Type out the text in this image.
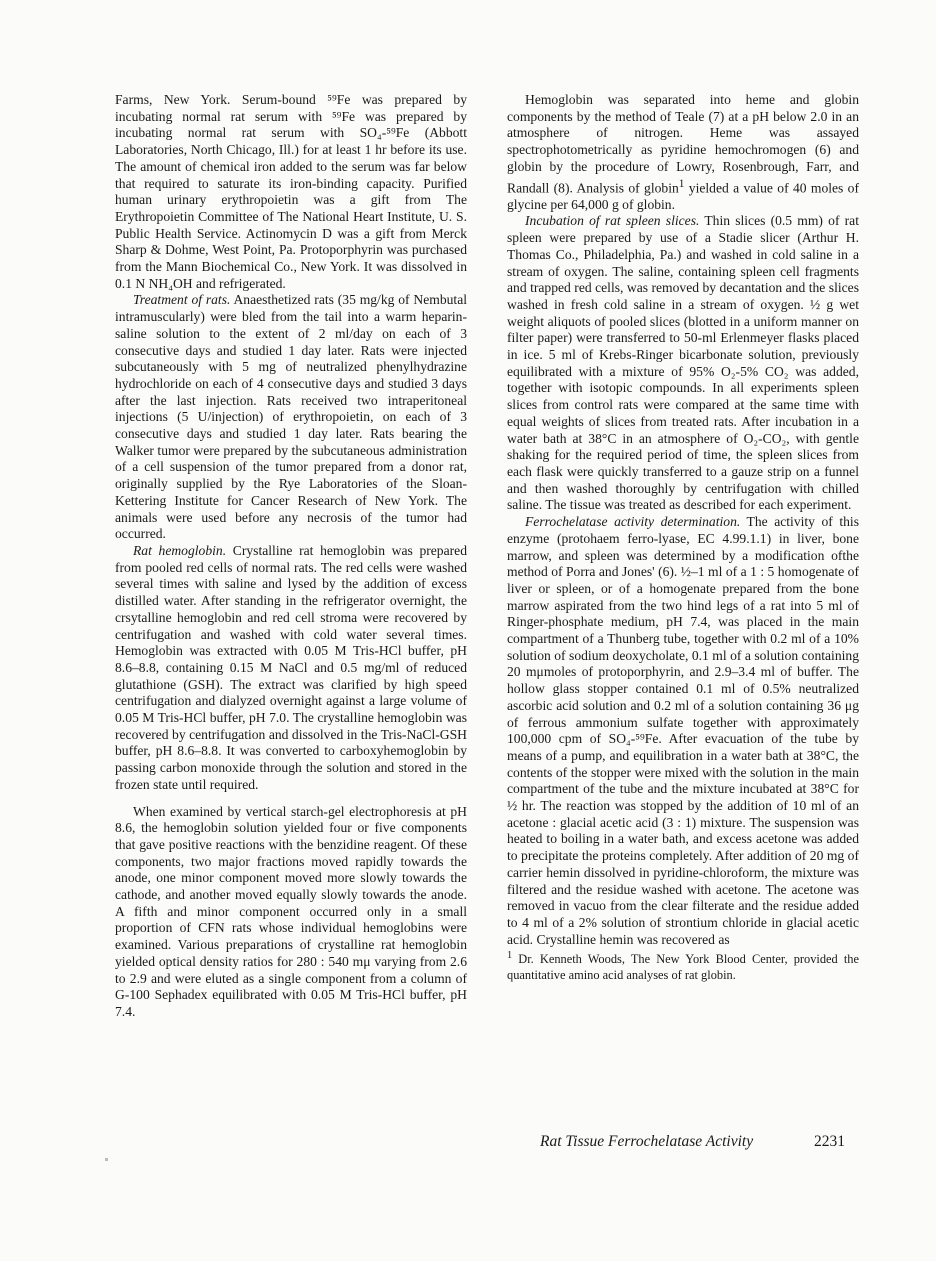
Farms, New York. Serum-bound ⁵⁹Fe was prepared by incubating normal rat serum with ⁵⁹Fe was prepared by incubating normal rat serum with SO₄-⁵⁹Fe (Abbott Laboratories, North Chicago, Ill.) for at least 1 hr before its use. The amount of chemical iron added to the serum was far below that required to saturate its iron-binding capacity. Purified human urinary erythropoietin was a gift from The Erythropoietin Committee of The National Heart Institute, U. S. Public Health Service. Actinomycin D was a gift from Merck Sharp & Dohme, West Point, Pa. Protoporphyrin was purchased from the Mann Biochemical Co., New York. It was dissolved in 0.1 N NH₄OH and refrigerated.

Treatment of rats. Anaesthetized rats (35 mg/kg of Nembutal intramuscularly) were bled from the tail into a warm heparin-saline solution to the extent of 2 ml/day on each of 3 consecutive days and studied 1 day later. Rats were injected subcutaneously with 5 mg of neutralized phenylhydrazine hydrochloride on each of 4 consecutive days and studied 3 days after the last injection. Rats received two intraperitoneal injections (5 U/injection) of erythropoietin, on each of 3 consecutive days and studied 1 day later. Rats bearing the Walker tumor were prepared by the subcutaneous administration of a cell suspension of the tumor prepared from a donor rat, originally supplied by the Rye Laboratories of the Sloan-Kettering Institute for Cancer Research of New York. The animals were used before any necrosis of the tumor had occurred.

Rat hemoglobin. Crystalline rat hemoglobin was prepared from pooled red cells of normal rats. The red cells were washed several times with saline and lysed by the addition of excess distilled water. After standing in the refrigerator overnight, the crsytalline hemoglobin and red cell stroma were recovered by centrifugation and washed with cold water several times. Hemoglobin was extracted with 0.05 M Tris-HCl buffer, pH 8.6–8.8, containing 0.15 M NaCl and 0.5 mg/ml of reduced glutathione (GSH). The extract was clarified by high speed centrifugation and dialyzed overnight against a large volume of 0.05 M Tris-HCl buffer, pH 7.0. The crystalline hemoglobin was recovered by centrifugation and dissolved in the Tris-NaCl-GSH buffer, pH 8.6–8.8. It was converted to carboxyhemoglobin by passing carbon monoxide through the solution and stored in the frozen state until required.

When examined by vertical starch-gel electrophoresis at pH 8.6, the hemoglobin solution yielded four or five components that gave positive reactions with the benzidine reagent. Of these components, two major fractions moved rapidly towards the anode, one minor component moved more slowly towards the cathode, and another moved equally slowly towards the anode. A fifth and minor component occurred only in a small proportion of CFN rats whose individual hemoglobins were examined. Various preparations of crystalline rat hemoglobin yielded optical density ratios for 280 : 540 mμ varying from 2.6 to 2.9 and were eluted as a single component from a column of G-100 Sephadex equilibrated with 0.05 M Tris-HCl buffer, pH 7.4.

Hemoglobin was separated into heme and globin components by the method of Teale (7) at a pH below 2.0 in an atmosphere of nitrogen. Heme was assayed spectrophotometrically as pyridine hemochromogen (6) and globin by the procedure of Lowry, Rosenbrough, Farr, and Randall (8). Analysis of globin$^1$ yielded a value of 40 moles of glycine per 64,000 g of globin.

Incubation of rat spleen slices. Thin slices (0.5 mm) of rat spleen were prepared by use of a Stadie slicer (Arthur H. Thomas Co., Philadelphia, Pa.) and washed in cold saline in a stream of oxygen. The saline, containing spleen cell fragments and trapped red cells, was removed by decantation and the slices washed in fresh cold saline in a stream of oxygen. ½ g wet weight aliquots of pooled slices (blotted in a uniform manner on filter paper) were transferred to 50-ml Erlenmeyer flasks placed in ice. 5 ml of Krebs-Ringer bicarbonate solution, previously equilibrated with a mixture of 95% O₂-5% CO₂ was added, together with isotopic compounds. In all experiments spleen slices from control rats were compared at the same time with equal weights of slices from treated rats. After incubation in a water bath at 38°C in an atmosphere of O₂-CO₂, with gentle shaking for the required period of time, the spleen slices from each flask were quickly transferred to a gauze strip on a funnel and then washed thoroughly by centrifugation with chilled saline. The tissue was treated as described for each experiment.

Ferrochelatase activity determination. The activity of this enzyme (protohaem ferro-lyase, EC 4.99.1.1) in liver, bone marrow, and spleen was determined by a modification ofthe method of Porra and Jones' (6). ½–1 ml of a 1 : 5 homogenate of liver or spleen, or of a homogenate prepared from the bone marrow aspirated from the two hind legs of a rat into 5 ml of Ringer-phosphate medium, pH 7.4, was placed in the main compartment of a Thunberg tube, together with 0.2 ml of a 10% solution of sodium deoxycholate, 0.1 ml of a solution containing 20 mμmoles of protoporphyrin, and 2.9–3.4 ml of buffer. The hollow glass stopper contained 0.1 ml of 0.5% neutralized ascorbic acid solution and 0.2 ml of a solution containing 36 μg of ferrous ammonium sulfate together with approximately 100,000 cpm of SO₄-⁵⁹Fe. After evacuation of the tube by means of a pump, and equilibration in a water bath at 38°C, the contents of the stopper were mixed with the solution in the main compartment of the tube and the mixture incubated at 38°C for ½ hr. The reaction was stopped by the addition of 10 ml of an acetone : glacial acetic acid (3 : 1) mixture. The suspension was heated to boiling in a water bath, and excess acetone was added to precipitate the proteins completely. After addition of 20 mg of carrier hemin dissolved in pyridine-chloroform, the mixture was filtered and the residue washed with acetone. The acetone was removed in vacuo from the clear filterate and the residue added to 4 ml of a 2% solution of strontium chloride in glacial acetic acid. Crystalline hemin was recovered as

$^1$ Dr. Kenneth Woods, The New York Blood Center, provided the quantitative amino acid analyses of rat globin.

Rat Tissue Ferrochelatase Activity	2231
